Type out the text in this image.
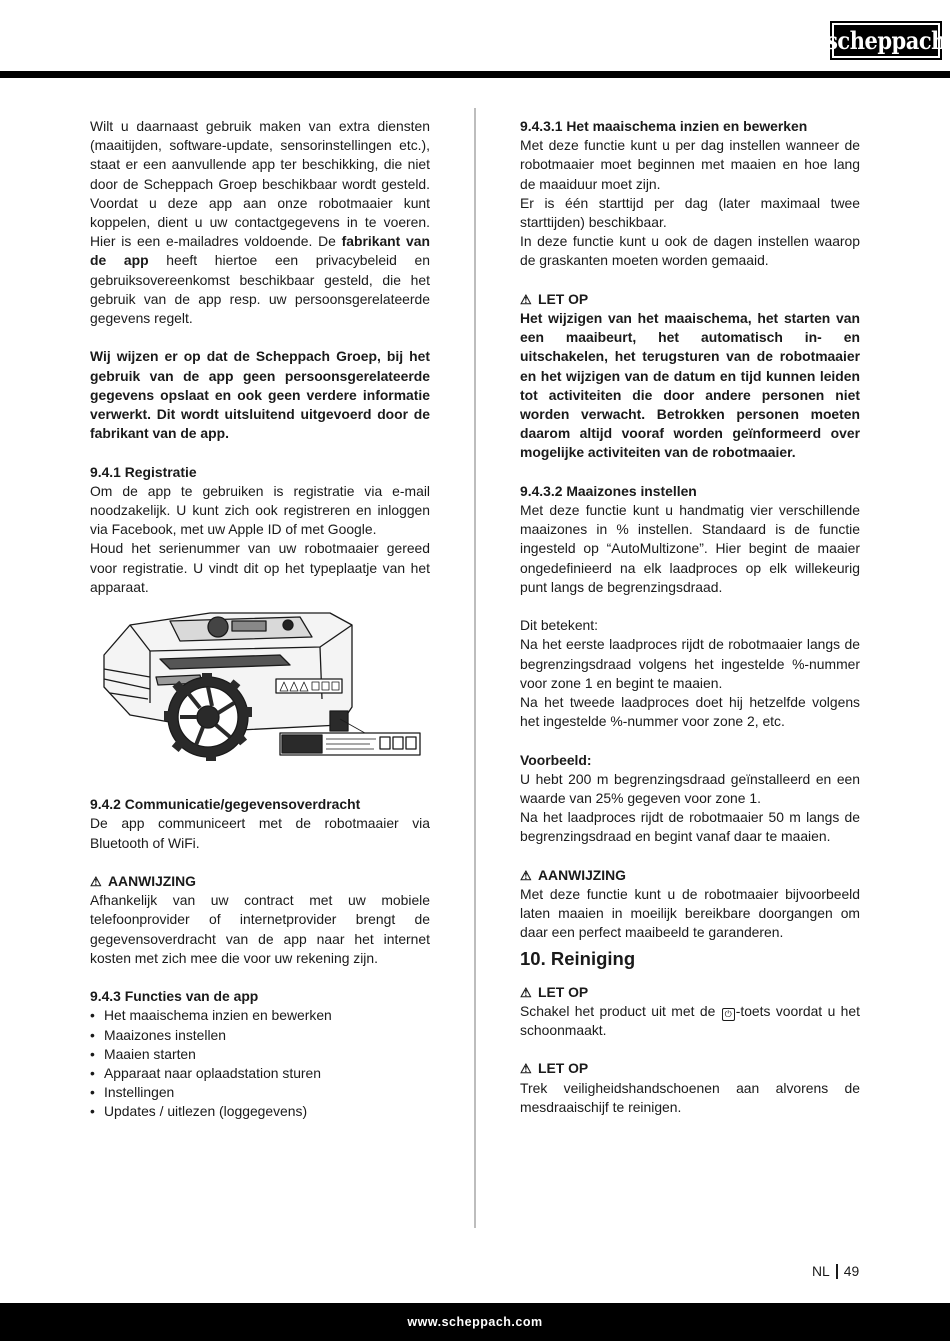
scheppach

Wilt u daarnaast gebruik maken van extra diensten (maaitijden, software-update, sensorinstellingen etc.), staat er een aanvullende app ter beschikking, die niet door de Scheppach Groep beschikbaar wordt gesteld. Voordat u deze app aan onze robotmaaier kunt koppelen, dient u uw contactgegevens in te voeren. Hier is een e-mailadres voldoende. De fabrikant van de app heeft hiertoe een privacybeleid en gebruiksovereenkomst beschikbaar gesteld, die het gebruik van de app resp. uw persoonsgerelateerde gegevens regelt.

Wij wijzen er op dat de Scheppach Groep, bij het gebruik van de app geen persoonsgerelateerde gegevens opslaat en ook geen verdere informatie verwerkt. Dit wordt uitsluitend uitgevoerd door de fabrikant van de app.

9.4.1 Registratie

Om de app te gebruiken is registratie via e-mail noodzakelijk. U kunt zich ook registreren en inloggen via Facebook, met uw Apple ID of met Google.

Houd het serienummer van uw robotmaaier gereed voor registratie. U vindt dit op het typeplaatje van het apparaat.

9.4.2 Communicatie/gegevensoverdracht

De app communiceert met de robotmaaier via Bluetooth of WiFi.

⚠ AANWIJZING

Afhankelijk van uw contract met uw mobiele telefoonprovider of internetprovider brengt de gegevensoverdracht van de app naar het internet kosten met zich mee die voor uw rekening zijn.

9.4.3 Functies van de app

• Het maaischema inzien en bewerken
• Maaizones instellen
• Maaien starten
• Apparaat naar oplaadstation sturen
• Instellingen
• Updates / uitlezen (loggegevens)

9.4.3.1 Het maaischema inzien en bewerken

Met deze functie kunt u per dag instellen wanneer de robotmaaier moet beginnen met maaien en hoe lang de maaiduur moet zijn.

Er is één starttijd per dag (later maximaal twee starttijden) beschikbaar.

In deze functie kunt u ook de dagen instellen waarop de graskanten moeten worden gemaaid.

⚠ LET OP

Het wijzigen van het maaischema, het starten van een maaibeurt, het automatisch in- en uitschakelen, het terugsturen van de robotmaaier en het wijzigen van de datum en tijd kunnen leiden tot activiteiten die door andere personen niet worden verwacht. Betrokken personen moeten daarom altijd vooraf worden geïnformeerd over mogelijke activiteiten van de robotmaaier.

9.4.3.2 Maaizones instellen

Met deze functie kunt u handmatig vier verschillende maaizones in % instellen. Standaard is de functie ingesteld op “AutoMultizone”. Hier begint de maaier ongedefinieerd na elk laadproces op elk willekeurig punt langs de begrenzingsdraad.

Dit betekent:

Na het eerste laadproces rijdt de robotmaaier langs de begrenzingsdraad volgens het ingestelde %-nummer voor zone 1 en begint te maaien.

Na het tweede laadproces doet hij hetzelfde volgens het ingestelde %-nummer voor zone 2, etc.

Voorbeeld:

U hebt 200 m begrenzingsdraad geïnstalleerd en een waarde van 25% gegeven voor zone 1.

Na het laadproces rijdt de robotmaaier 50 m langs de begrenzingsdraad en begint vanaf daar te maaien.

⚠ AANWIJZING

Met deze functie kunt u de robotmaaier bijvoorbeeld laten maaien in moeilijk bereikbare doorgangen om daar een perfect maaibeeld te garanderen.

10. Reiniging

⚠ LET OP

Schakel het product uit met de ⏻ -toets voordat u het schoonmaakt.

⚠ LET OP

Trek veiligheidshandschoenen aan alvorens de mesdraaischijf te reinigen.

NL 49
www.scheppach.com
